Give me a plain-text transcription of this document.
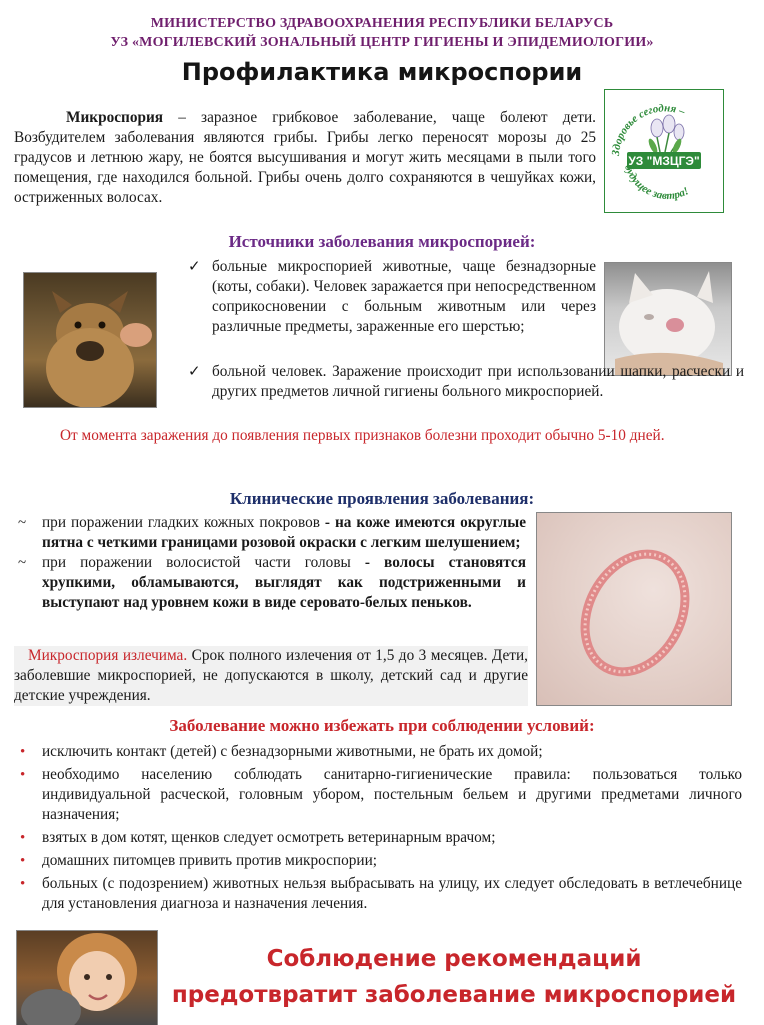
МИНИСТЕРСТВО ЗДРАВООХРАНЕНИЯ РЕСПУБЛИКИ БЕЛАРУСЬ
УЗ «МОГИЛЕВСКИЙ ЗОНАЛЬНЫЙ ЦЕНТР ГИГИЕНЫ И ЭПИДЕМИОЛОГИИ»
Профилактика микроспории
Микроспория – заразное грибковое заболевание, чаще болеют дети. Возбудителем заболевания являются грибы. Грибы легко переносят морозы до 25 градусов и летнюю жару, не боятся высушивания и могут жить месяцами в пыли того помещения, где находился больной. Грибы очень долго сохраняются в чешуйках кожи, остриженных волосах.
УЗ "МЗЦГЭ"
Здоровье сегодня –
будущее завтра!
Источники заболевания микроспорией:
✓ больные микроспорией животные, чаще безнадзорные (коты, собаки). Человек заражается при непосредственном соприкосновении с больным животным или через различные предметы, зараженные его шерстью;
✓ больной человек. Заражение происходит при использовании шапки, расчески и других предметов личной гигиены больного микроспорией.
От момента заражения до появления первых признаков болезни проходит обычно 5-10 дней.
Клинические проявления заболевания:
~ при поражении гладких кожных покровов - на коже имеются округлые пятна с четкими границами розовой окраски с легким шелушением;
~ при поражении волосистой части головы - волосы становятся хрупкими, обламываются, выглядят как подстриженными и выступают над уровнем кожи в виде серовато-белых пеньков.
Микроспория излечима. Срок полного излечения от 1,5 до 3 месяцев. Дети, заболевшие микроспорией, не допускаются в школу, детский сад и другие детские учреждения.
Заболевание можно избежать при соблюдении условий:
• исключить контакт (детей) с безнадзорными животными, не брать их домой;
• необходимо населению соблюдать санитарно-гигиенические правила: пользоваться только индивидуальной расческой, головным убором, постельным бельем и другими предметами личного назначения;
• взятых в дом котят, щенков следует осмотреть ветеринарным врачом;
• домашних питомцев привить против микроспории;
• больных (с подозрением) животных нельзя выбрасывать на улицу, их следует обследовать в ветлечебнице для установления диагноза и назначения лечения.
Соблюдение рекомендаций
предотвратит заболевание микроспорией
